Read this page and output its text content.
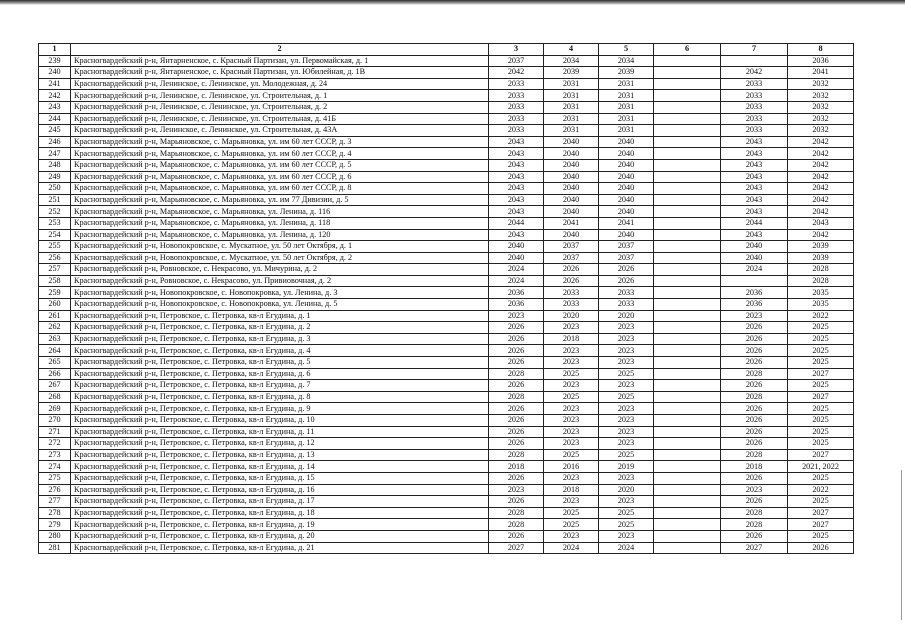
1	2	3	4	5	6	7	8
239	Красногвардейский р-н, Янтарненское, с. Красный Партизан, ул. Первомайская, д. 1	2037	2034	2034			2036
240	Красногвардейский р-н, Янтарненское, с. Красный Партизан, ул. Юбилейная, д. 1В	2042	2039	2039		2042	2041
241	Красногвардейский р-н, Ленинское, с. Ленинское, ул. Молодежная, д. 24	2033	2031	2031		2033	2032
242	Красногвардейский р-н, Ленинское, с. Ленинское, ул. Строительная, д. 1	2033	2031	2031		2033	2032
243	Красногвардейский р-н, Ленинское, с. Ленинское, ул. Строительная, д. 2	2033	2031	2031		2033	2032
244	Красногвардейский р-н, Ленинское, с. Ленинское, ул. Строительная, д. 41Б	2033	2031	2031		2033	2032
245	Красногвардейский р-н, Ленинское, с. Ленинское, ул. Строительная, д. 43А	2033	2031	2031		2033	2032
246	Красногвардейский р-н, Марьяновское, с. Марьяновка, ул. им 60 лет СССР, д. 3	2043	2040	2040		2043	2042
247	Красногвардейский р-н, Марьяновское, с. Марьяновка, ул. им 60 лет СССР, д. 4	2043	2040	2040		2043	2042
248	Красногвардейский р-н, Марьяновское, с. Марьяновка, ул. им 60 лет СССР, д. 5	2043	2040	2040		2043	2042
249	Красногвардейский р-н, Марьяновское, с. Марьяновка, ул. им 60 лет СССР, д. 6	2043	2040	2040		2043	2042
250	Красногвардейский р-н, Марьяновское, с. Марьяновка, ул. им 60 лет СССР, д. 8	2043	2040	2040		2043	2042
251	Красногвардейский р-н, Марьяновское, с. Марьяновка, ул. им 77 Дивизии, д. 5	2043	2040	2040		2043	2042
252	Красногвардейский р-н, Марьяновское, с. Марьяновка, ул. Ленина, д. 116	2043	2040	2040		2043	2042
253	Красногвардейский р-н, Марьяновское, с. Марьяновка, ул. Ленина, д. 118	2044	2041	2041		2044	2043
254	Красногвардейский р-н, Марьяновское, с. Марьяновка, ул. Ленина, д. 120	2043	2040	2040		2043	2042
255	Красногвардейский р-н, Новопокровское, с. Мускатное, ул. 50 лет Октября, д. 1	2040	2037	2037		2040	2039
256	Красногвардейский р-н, Новопокровское, с. Мускатное, ул. 50 лет Октября, д. 2	2040	2037	2037		2040	2039
257	Красногвардейский р-н, Ровновское, с. Некрасово, ул. Мичурина, д. 2	2024	2026	2026		2024	2028
258	Красногвардейский р-н, Ровновское, с. Некрасово, ул. Привиовочная, д. 2	2024	2026	2026			2028
259	Красногвардейский р-н, Новопокровское, с. Новопокровка, ул. Ленина, д. 3	2036	2033	2033		2036	2035
260	Красногвардейский р-н, Новопокровское, с. Новопокровка, ул. Ленина, д. 5	2036	2033	2033		2036	2035
261	Красногвардейский р-н, Петровское, с. Петровка, кв-л Егудина, д. 1	2023	2020	2020		2023	2022
262	Красногвардейский р-н, Петровское, с. Петровка, кв-л Егудина, д. 2	2026	2023	2023		2026	2025
263	Красногвардейский р-н, Петровское, с. Петровка, кв-л Егудина, д. 3	2026	2018	2023		2026	2025
264	Красногвардейский р-н, Петровское, с. Петровка, кв-л Егудина, д. 4	2026	2023	2023		2026	2025
265	Красногвардейский р-н, Петровское, с. Петровка, кв-л Егудина, д. 5	2026	2023	2023		2026	2025
266	Красногвардейский р-н, Петровское, с. Петровка, кв-л Егудина, д. 6	2028	2025	2025		2028	2027
267	Красногвардейский р-н, Петровское, с. Петровка, кв-л Егудина, д. 7	2026	2023	2023		2026	2025
268	Красногвардейский р-н, Петровское, с. Петровка, кв-л Егудина, д. 8	2028	2025	2025		2028	2027
269	Красногвардейский р-н, Петровское, с. Петровка, кв-л Егудина, д. 9	2026	2023	2023		2026	2025
270	Красногвардейский р-н, Петровское, с. Петровка, кв-л Егудина, д. 10	2026	2023	2023		2026	2025
271	Красногвардейский р-н, Петровское, с. Петровка, кв-л Егудина, д. 11	2026	2023	2023		2026	2025
272	Красногвардейский р-н, Петровское, с. Петровка, кв-л Егудина, д. 12	2026	2023	2023		2026	2025
273	Красногвардейский р-н, Петровское, с. Петровка, кв-л Егудина, д. 13	2028	2025	2025		2028	2027
274	Красногвардейский р-н, Петровское, с. Петровка, кв-л Егудина, д. 14	2018	2016	2019		2018	2021, 2022
275	Красногвардейский р-н, Петровское, с. Петровка, кв-л Егудина, д. 15	2026	2023	2023		2026	2025
276	Красногвардейский р-н, Петровское, с. Петровка, кв-л Егудина, д. 16	2023	2018	2020		2023	2022
277	Красногвардейский р-н, Петровское, с. Петровка, кв-л Егудина, д. 17	2026	2023	2023		2026	2025
278	Красногвардейский р-н, Петровское, с. Петровка, кв-л Егудина, д. 18	2028	2025	2025		2028	2027
279	Красногвардейский р-н, Петровское, с. Петровка, кв-л Егудина, д. 19	2028	2025	2025		2028	2027
280	Красногвардейский р-н, Петровское, с. Петровка, кв-л Егудина, д. 20	2026	2023	2023		2026	2025
281	Красногвардейский р-н, Петровское, с. Петровка, кв-л Егудина, д. 21	2027	2024	2024		2027	2026
